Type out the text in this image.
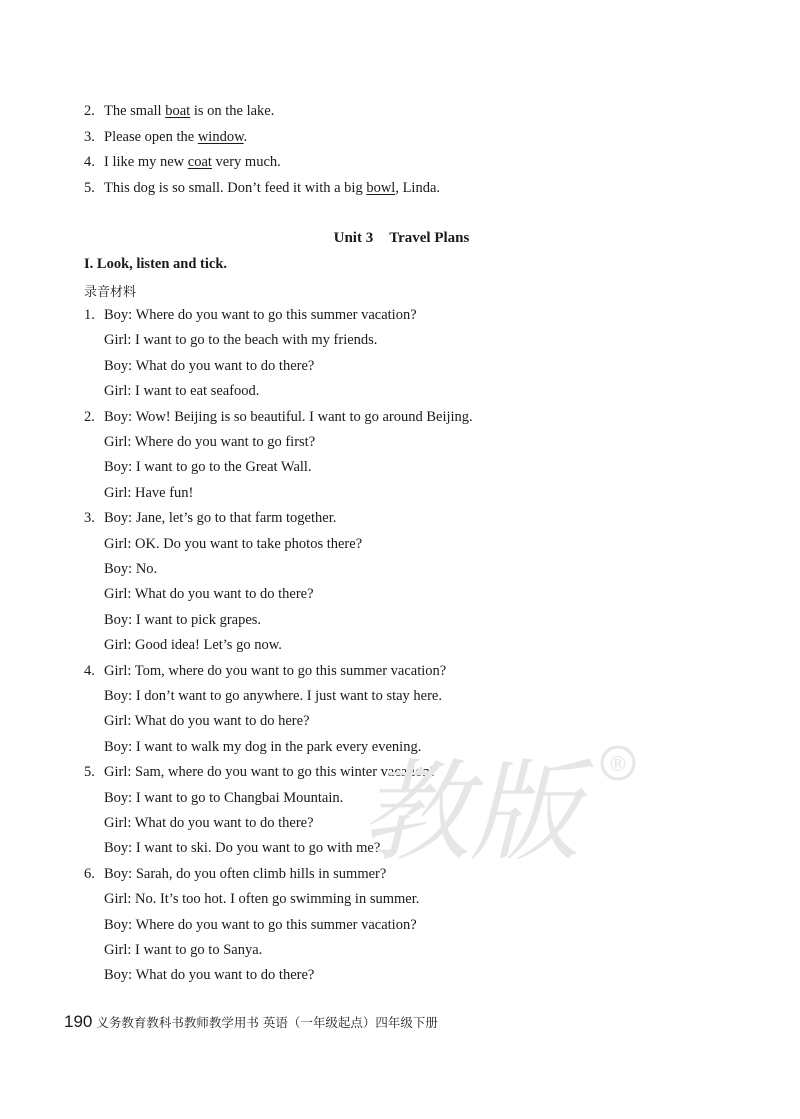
2. The small boat is on the lake.
3. Please open the window.
4. I like my new coat very much.
5. This dog is so small. Don’t feed it with a big bowl, Linda.
Unit 3 Travel Plans
I. Look, listen and tick.
录音材料
1. Boy: Where do you want to go this summer vacation?
Girl: I want to go to the beach with my friends.
Boy: What do you want to do there?
Girl: I want to eat seafood.
2. Boy: Wow! Beijing is so beautiful. I want to go around Beijing.
Girl: Where do you want to go first?
Boy: I want to go to the Great Wall.
Girl: Have fun!
3. Boy: Jane, let’s go to that farm together.
Girl: OK. Do you want to take photos there?
Boy: No.
Girl: What do you want to do there?
Boy: I want to pick grapes.
Girl: Good idea! Let’s go now.
4. Girl: Tom, where do you want to go this summer vacation?
Boy: I don’t want to go anywhere. I just want to stay here.
Girl: What do you want to do here?
Boy: I want to walk my dog in the park every evening.
5. Girl: Sam, where do you want to go this winter vacation?
Boy: I want to go to Changbai Mountain.
Girl: What do you want to do there?
Boy: I want to ski. Do you want to go with me?
6. Boy: Sarah, do you often climb hills in summer?
Girl: No. It’s too hot. I often go swimming in summer.
Boy: Where do you want to go this summer vacation?
Girl: I want to go to Sanya.
Boy: What do you want to do there?
教版	®
190 义务教育教科书教师教学用书 英语（一年级起点）四年级下册
